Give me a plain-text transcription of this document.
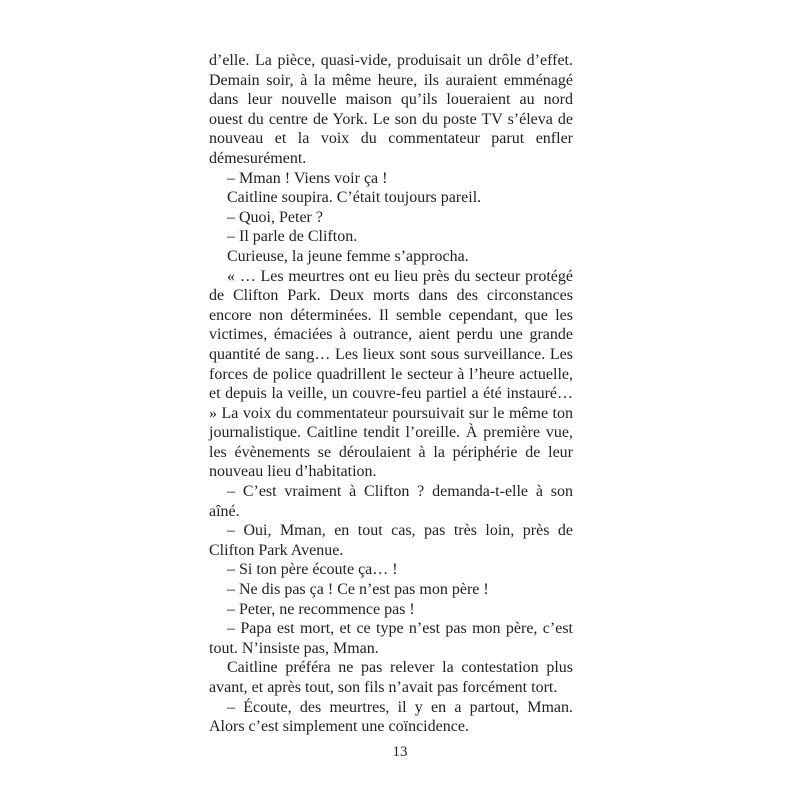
d’elle. La pièce, quasi-vide, produisait un drôle d’effet. Demain soir, à la même heure, ils auraient emménagé dans leur nouvelle maison qu’ils loueraient au nord ouest du centre de York. Le son du poste TV s’éleva de nouveau et la voix du commentateur parut enfler démesurément.

– Mman ! Viens voir ça !

Caitline soupira. C’était toujours pareil.

– Quoi, Peter ?

– Il parle de Clifton.

Curieuse, la jeune femme s’approcha.

« … Les meurtres ont eu lieu près du secteur protégé de Clifton Park. Deux morts dans des circonstances encore non déterminées. Il semble cependant, que les victimes, émaciées à outrance, aient perdu une grande quantité de sang… Les lieux sont sous surveillance. Les forces de police quadrillent le secteur à l’heure actuelle, et depuis la veille, un couvre-feu partiel a été instauré… » La voix du commentateur poursuivait sur le même ton journalistique. Caitline tendit l’oreille. À première vue, les évènements se déroulaient à la périphérie de leur nouveau lieu d’habitation.

– C’est vraiment à Clifton ? demanda-t-elle à son aîné.

– Oui, Mman, en tout cas, pas très loin, près de Clifton Park Avenue.

– Si ton père écoute ça… !

– Ne dis pas ça ! Ce n’est pas mon père !

– Peter, ne recommence pas !

– Papa est mort, et ce type n’est pas mon père, c’est tout. N’insiste pas, Mman.

Caitline préféra ne pas relever la contestation plus avant, et après tout, son fils n’avait pas forcément tort.

– Écoute, des meurtres, il y en a partout, Mman. Alors c’est simplement une coïncidence.

13
